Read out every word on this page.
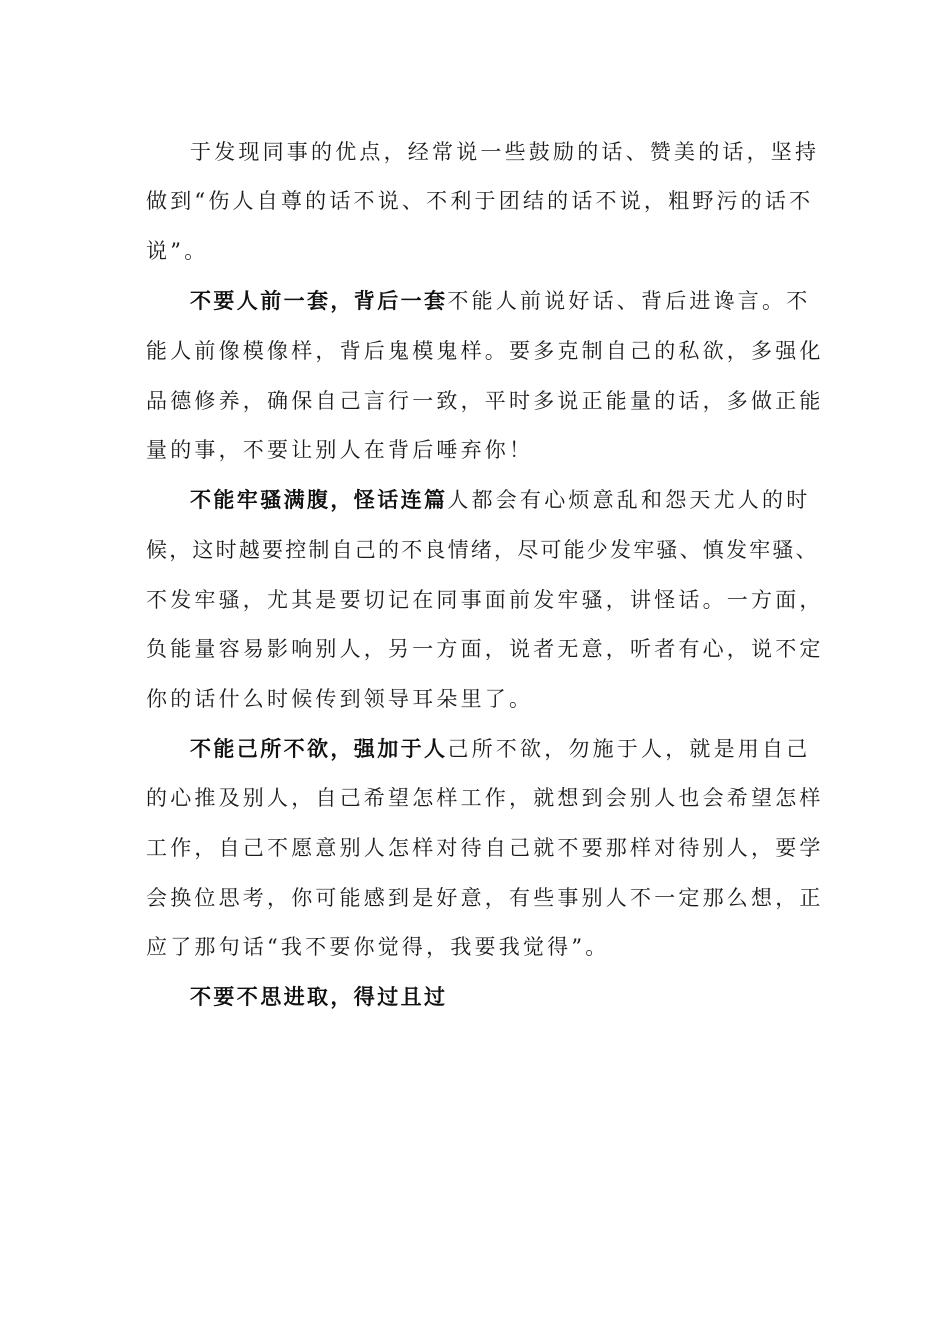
于发现同事的优点，经常说一些鼓励的话、赞美的话，坚持
做到“伤人自尊的话不说、不利于团结的话不说，粗野污的话不
说”。
不要人前一套，背后一套不能人前说好话、背后进谗言。不
能人前像模像样，背后鬼模鬼样。要多克制自己的私欲，多强化
品德修养，确保自己言行一致，平时多说正能量的话，多做正能
量的事，不要让别人在背后唾弃你！
不能牢骚满腹，怪话连篇人都会有心烦意乱和怨天尤人的时
候，这时越要控制自己的不良情绪，尽可能少发牢骚、慎发牢骚、
不发牢骚，尤其是要切记在同事面前发牢骚，讲怪话。一方面，
负能量容易影响别人，另一方面，说者无意，听者有心，说不定
你的话什么时候传到领导耳朵里了。
不能己所不欲，强加于人己所不欲，勿施于人，就是用自己
的心推及别人，自己希望怎样工作，就想到会别人也会希望怎样
工作，自己不愿意别人怎样对待自己就不要那样对待别人，要学
会换位思考，你可能感到是好意，有些事别人不一定那么想，正
应了那句话“我不要你觉得，我要我觉得”。
不要不思进取，得过且过
